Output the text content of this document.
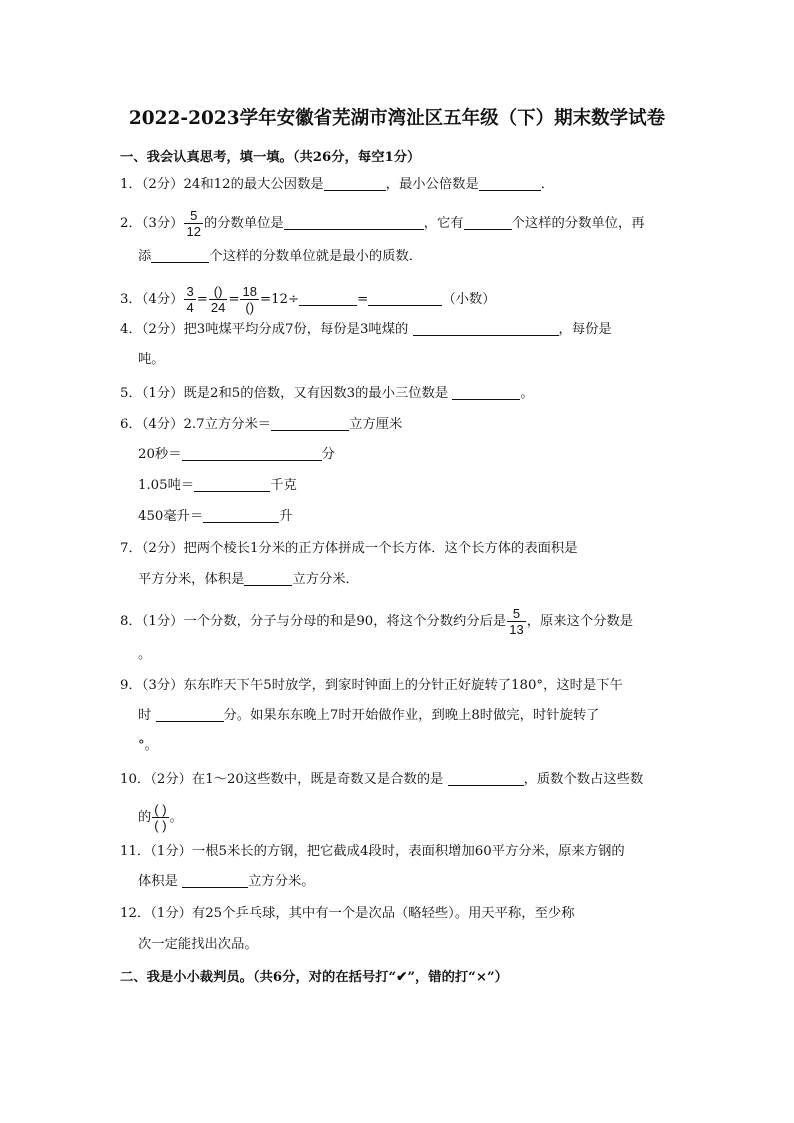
2022-2023学年安徽省芜湖市湾沚区五年级（下）期末数学试卷
一、我会认真思考，填一填。（共26分，每空1分）
1．（2分）24和12的最大公因数是	，最小公倍数是	．
2．（3分） $\frac{5}{12}$ 的分数单位是	，它有	个这样的分数单位，再
添	个这样的分数单位就是最小的质数．
3．（4分） $\frac{3}{4} = \frac{()}{24} = \frac{18}{()} =12\div$	=	（小数）
4．（2分）把3吨煤平均分成7份，每份是3吨煤的	，每份是
吨。
5．（1分）既是2和5的倍数，又有因数3的最小三位数是	。
6．（4分）2.7立方分米＝	立方厘米
20秒＝	分
1.05吨＝	千克
450毫升＝	升
7．（2分）把两个棱长1分米的正方体拼成一个长方体．这个长方体的表面积是
平方分米，体积是	立方分米．
8．（1分）一个分数，分子与分母的和是90，将这个分数约分后是 $\frac{5}{13}$ ，原来这个分数是
。
9．（3分）东东昨天下午5时放学，到家时钟面上的分针正好旋转了180°，这时是下午
时	分。如果东东晚上7时开始做作业，到晚上8时做完，时针旋转了
°。
10．（2分）在1～20这些数中，既是奇数又是合数的是	，质数个数占这些数
的 $\frac{( )}{( )}$ 。
11．（1分）一根5米长的方钢，把它截成4段时，表面积增加60平方分米，原来方钢的
体积是	立方分米。
12．（1分）有25个乒乓球，其中有一个是次品（略轻些）。用天平称，至少称
次一定能找出次品。
二、我是小小裁判员。（共6分，对的在括号打“✔”，错的打“×”）
